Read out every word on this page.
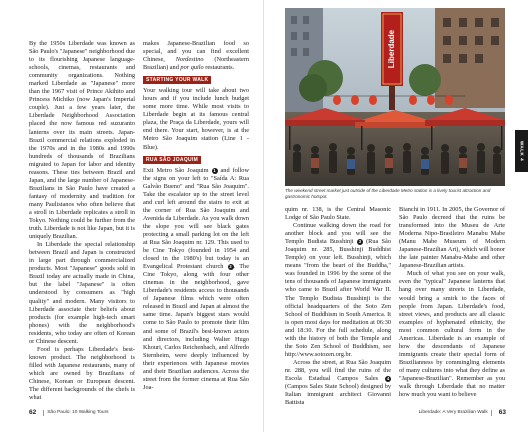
By the 1950s Liberdade was known as São Paulo's "Japanese" neighborhood due to its flourishing Japanese language-schools, cinemas, restaurants and community organizations. Nothing marked Liberdade as "Japanese" more than the 1967 visit of Prince Akihito and Princess Michiko (now Japan's Imperial couple). Just a few years later, the Liberdade Neighborhood Association placed the now famous red suzuranto lanterns over its main streets. Japan-Brazil commercial relations exploded in the 1970s and in the 1980s and 1990s hundreds of thousands of Brazilians migrated to Japan for labor and identity reasons. These ties between Brazil and Japan, and the large number of Japanese-Brazilians in São Paulo have created a fantasy of modernity and tradition for many Paulistanos who often believe that a stroll in Liberdade replicates a stroll in Tokyo. Nothing could be further from the truth. Liberdade is not like Japan, but it is uniquely Brazilian.

In Liberdade the special relationship between Brazil and Japan is constructed in large part through commercialized products. Most "Japanese" goods sold in Brazil today are actually made in China, but the label "Japanese" is often understood by consumers as "high quality" and modern. Many visitors to Liberdade associate their beliefs about products (for example high-tech smart phones) with the neighborhood's residents, who today are often of Korean or Chinese descent.

Food is perhaps Liberdade's best-known product. The neighborhood is filled with Japanese restaurants, many of which are owned by Brazilians of Chinese, Korean or European descent. The different backgrounds of the chefs is what

makes Japanese-Brazilian food so special, and you can find excellent Chinese, Nordestino (Northeastern Brazilian) and por quilo restaurants.

STARTING YOUR WALK

Your walking tour will take about two hours and if you include lunch budget some more time. While most visits to Liberdade begin at its famous central plaza, the Praça da Liberdade, yours will end there. Your start, however, is at the Metro São Joaquim station (Line 1 - Blue).

RUA SÃO JOAQUIM

Exit Metro São Joaquim 1 and follow the signs on your left to "Saída A: Rua Galvão Bueno" and "Rua São Joaquim". Take the escalator up to the street level and curl left around the stairs to exit at the corner of Rua São Joaquim and Avenida da Liberdade. As you walk down the slope you will see black gates protecting a small parking lot on the left at Rua São Joaquim nr. 129. This used to be Cine Tokyo (founded in 1954 and closed in the 1980's) but today is an Evangelical Protestant church 2 . The Cine Tokyo, along with four other cinemas in the neighborhood, gave Liberdade's residents access to thousands of Japanese films which were often released in Brazil and Japan at almost the same time. Japan's biggest stars would come to São Paulo to promote their film and some of Brazil's best-known actors and directors, including Walter Hugo Khouri, Carlos Reichenbach, and Alfredo Sternheim, were deeply influenced by their experiences with Japanese movies and their Brazilian audiences. Across the street from the former cinema at Rua São Joa-

62 São Paulo: 10 Walking Tours
Liberdade
The weekend street market just outside of the Liberdade Metro station is a lively tourist attraction and gastronomic hotspot.

quim nr. 138, is the Central Masonic Lodge of São Paulo State.

Continue walking down the road for another block and you will see the Templo Budista Busshinji 3 (Rua São Joaquim nr. 285, Busshinji Buddhist Temple) on your left. Busshinji, which means "from the heart of the Buddha," was founded in 1996 by the some of the tens of thousands of Japanese immigrants who came to Brazil after World War II. The Templo Budista Busshinji is the official headquarters of the Soto Zen School of Buddhism in South America. It is open most days for meditation at 06:30 and 18:30. For the full schedule, along with the history of both the Temple and the Soto Zen School of Buddhism, see http://www.sotozen.org.br.

Across the street, at Rua São Joaquim nr. 288, you will find the ruins of the Escola Estadual Campos Sales 4 (Campos Sales State School) designed by Italian immigrant architect Giovanni Battista

Bianchi in 1911. In 2005, the Governor of São Paulo decreed that the ruins be transformed into the Museu de Arte Moderna Nipo-Brasileiro Manabu Mabe (Manu Mabe Museum of Modern Japanese-Brazilian Art), which will honor the late painter Manabu-Mabe and other Japanese-Brazilian artists.

Much of what you see on your walk, even the "typical" Japanese lanterns that hang over many streets in Liberdade, would bring a smirk to the faces of people from Japan. Liberdade's food, street views, and products are all classic examples of hyphenated ethnicity, the most common cultural form in the Americas. Liberdade is an example of how the descendants of Japanese immigrants create their special form of Brazilianness by commingling elements of many cultures into what they define as "Japanese-Brazilian". Remember as you walk through Liberdade that no matter how much you want to believe

WALK 4
Liberdade: A Very Brazilian Walk 63
